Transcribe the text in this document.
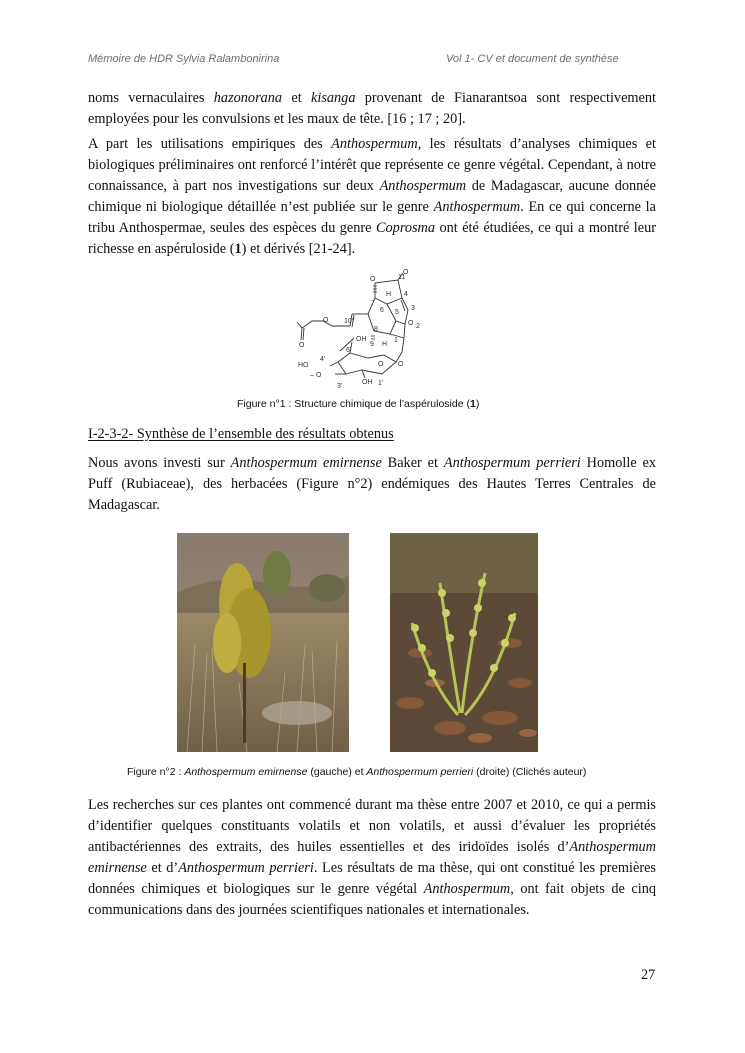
Mémoire de HDR Sylvia Ralambonirina	Vol 1- CV et document de synthèse

noms vernaculaires hazonorana et kisanga provenant de Fianarantsoa sont respectivement employées pour les convulsions et les maux de tête. [16 ; 17 ; 20].

A part les utilisations empiriques des Anthospermum, les résultats d’analyses chimiques et biologiques préliminaires ont renforcé l’intérêt que représente ce genre végétal. Cependant, à notre connaissance, à part nos investigations sur deux Anthospermum de Madagascar, aucune donnée chimique ni biologique détaillée n’est publiée sur le genre Anthospermum. En ce qui concerne la tribu Anthospermae, seules des espèces du genre Coprosma ont été étudiées, ce qui a montré leur richesse en aspéruloside (1) et dérivés [21-24].

11
O
O
H 4
3
7
6 5
O 2
10''
O
O
8
9 H
1
OH
6'
O O
HO
4'
– O
3'
OH 1'
Figure n°1 : Structure chimique de l’aspéruloside (1)
I-2-3-2- Synthèse de l’ensemble des résultats obtenus

Nous avons investi sur Anthospermum emirnense Baker et Anthospermum perrieri Homolle ex Puff (Rubiaceae), des herbacées (Figure n°2) endémiques des Hautes Terres Centrales de Madagascar.

Figure n°2 : Anthospermum emirnense (gauche) et Anthospermum perrieri (droite) (Clichés auteur)

Les recherches sur ces plantes ont commencé durant ma thèse entre 2007 et 2010, ce qui a permis d’identifier quelques constituants volatils et non volatils, et aussi d’évaluer les propriétés antibactériennes des extraits, des huiles essentielles et des iridoïdes isolés d’Anthospermum emirnense et d’Anthospermum perrieri. Les résultats de ma thèse, qui ont constitué les premières données chimiques et biologiques sur le genre végétal Anthospermum, ont fait objets de cinq communications dans des journées scientifiques nationales et internationales.

27
